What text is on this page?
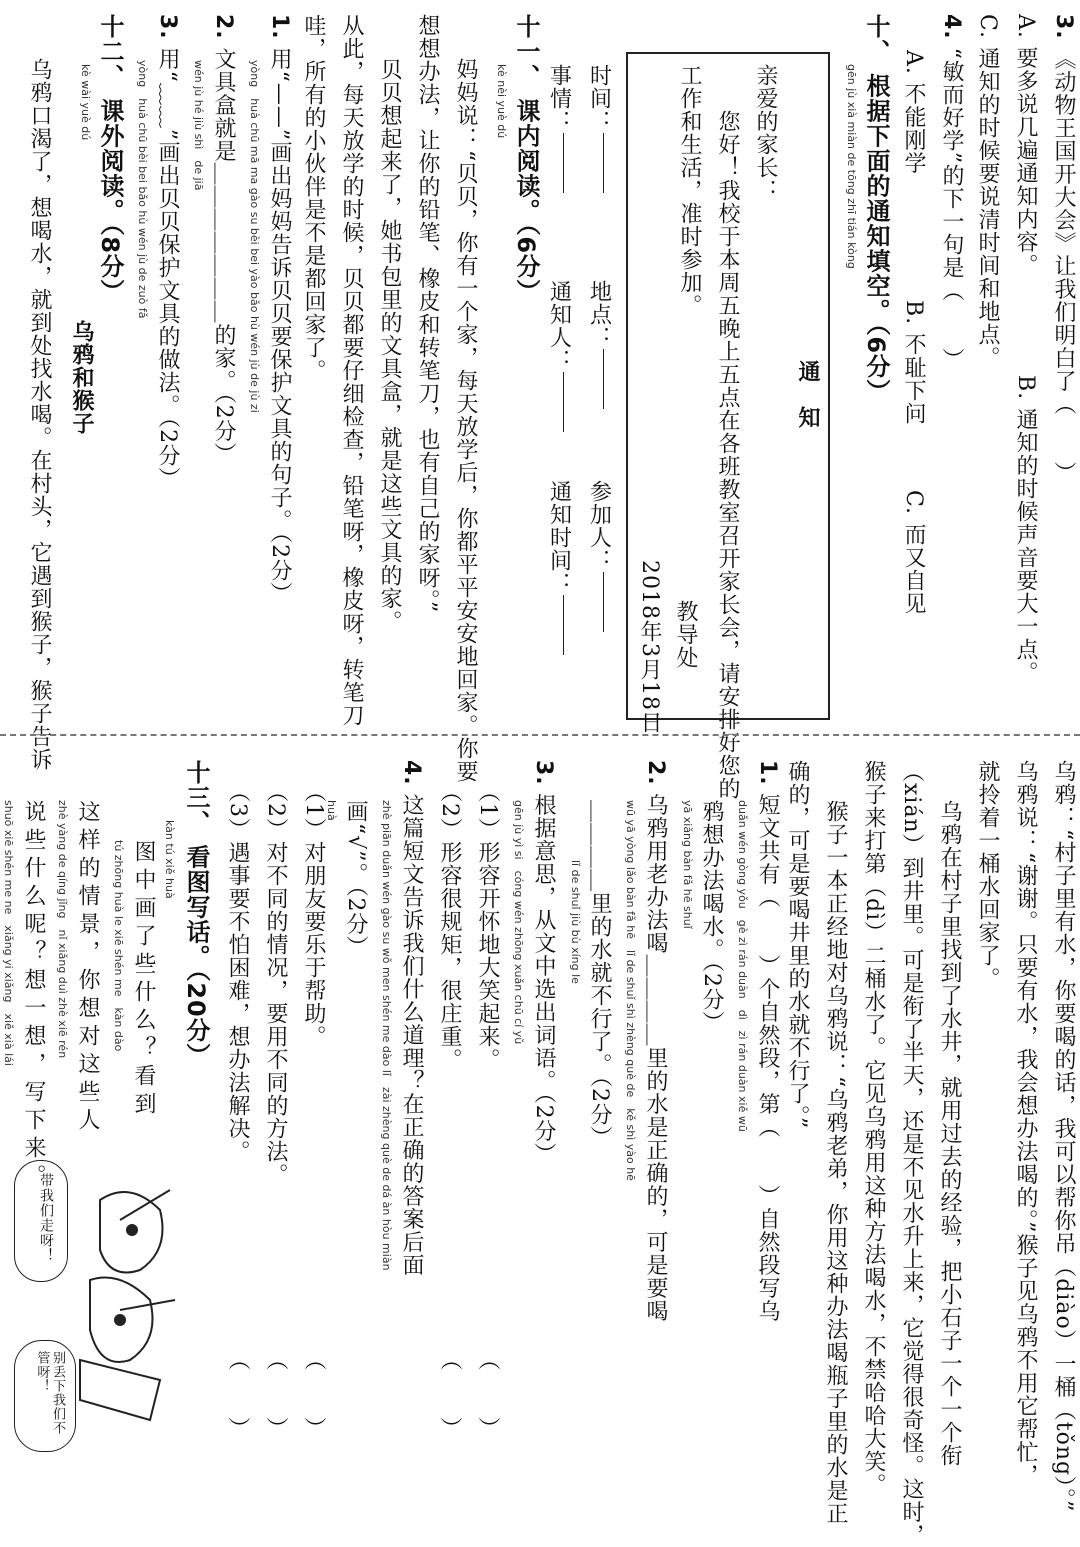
3. 《动物王国开大会》让我们明白了（　　）
A. 要多说几遍通知内容。
B. 通知的时候声音要大一点。
C. 通知的时候要说清时间和地点。
4. “敏而好学”的下一句是（　　）
A. 不能刚学
B. 不耻下问
C. 而又自见
gēn jù xià miàn de tōng zhī tián kòng
十、 根据下面的通知填空。（6分）
通　知
亲爱的家长：
您好！我校于本周五晚上五点在各班教室召开家长会，请安排好您的
工作和生活，准时参加。
教导处
2018年3月18日
时间：
地点：
参加人：
事情：
通知人：
通知时间：
kè nèi yuè dú
十一、 课内阅读。（6分）
妈妈说：“贝贝，你有一个家，每天放学后，你都平平安安地回家。你要
想想办法，让你的铅笔、橡皮和转笔刀，也有自己的家呀。”
贝贝想起来了，她书包里的文具盒，就是这些文具的家。
从此，每天放学的时候，贝贝都要仔细检查，铅笔呀，橡皮呀，转笔刀
哇，所有的小伙伴是不是都回家了。
yòng　huà chū mā ma gào su bèi bei yào bǎo hù wén jù de jù zi
1. 用“——”画出妈妈告诉贝贝要保护文具的句子。（2分）
wén jù hé jiù shì　de jiā
2. 文具盒就是＿＿＿＿＿＿＿的家。（2分）
yòng　huà chū bèi bei bǎo hù wén jù de zuò fǎ
3. 用“﹏﹏”画出贝贝保护文具的做法。（2分）
kè wài yuè dú
十二、 课外阅读。（8分）
乌鸦和猴子
乌鸦口渴了，想喝水，就到处找水喝。在村头，它遇到猴子，猴子告诉
乌鸦：“村子里有水，你要喝的话，我可以帮你吊（diào）一桶（tǒng）。”
乌鸦说：“谢谢。只要有水，我会想办法喝的。”猴子见乌鸦不用它帮忙，
就拎着一桶水回家了。
乌鸦在村子里找到了水井，就用过去的经验，把小石子一个一个衔
（xián）到井里。可是衔了半天，还是不见水升上来，它觉得很奇怪。这时，
猴子来打第（dì）二桶水了。它见乌鸦用这种方法喝水，不禁哈哈大笑。
猴子一本正经地对乌鸦说：“乌鸦老弟，你用这种办法喝瓶子里的水是正
确的，可是要喝井里的水就不行了。”
duǎn wén gòng yǒu　gè zì rán duàn　dì　zì rán duàn xiě wū
1. 短文共有（　　）个自然段，第（　　）自然段写乌
yā xiǎng bàn fǎ hē shuǐ 鸦想办法喝水。（2分）
wū yā yòng lǎo bàn fǎ hē　lǐ de shuǐ shì zhèng què de　kě shì yào hē
2. 乌鸦用老办法喝＿＿＿＿里的水是正确的，可是要喝
lǐ de shuǐ jiù bù xíng le ＿＿＿＿里的水就不行了。（2分）
gēn jù yì si　cóng wén zhōng xuǎn chū cí yǔ
3. 根据意思，从文中选出词语。（2分）
（1）形容开怀地大笑起来。　　　　　　　　　　　　　（　　）
（2）形容很规矩，很庄重。　　　　　　　　　　　　　（　　）
zhè piān duǎn wén gào su wǒ men shén me dào lǐ　zài zhèng què de dá àn hòu miàn
4. 这篇短文告诉我们什么道理？在正确的答案后面
huà 画“√”。（2分）
（1）对朋友要乐于帮助。　　　　　　　　　　　　　　（　　）
（2）对不同的情况，要用不同的方法。　　　　　　　　（　　）
（3）遇事要不怕困难，想办法解决。　　　　　　　　　（　　）
kàn tú xiě huà
十三、 看图写话。（20分）
tú zhōng huà le xiē shén me　kàn dào 图中画了些什么？看到
zhè yàng de qíng jǐng　nǐ xiǎng duì zhè xiē rén 这样的情景，你想对这些人
shuō xiē shén me ne　xiǎng yi xiǎng　xiě xià lái 说些什么呢？想一想，写下来。
带我们走呀！
别丢下我们不管呀！
